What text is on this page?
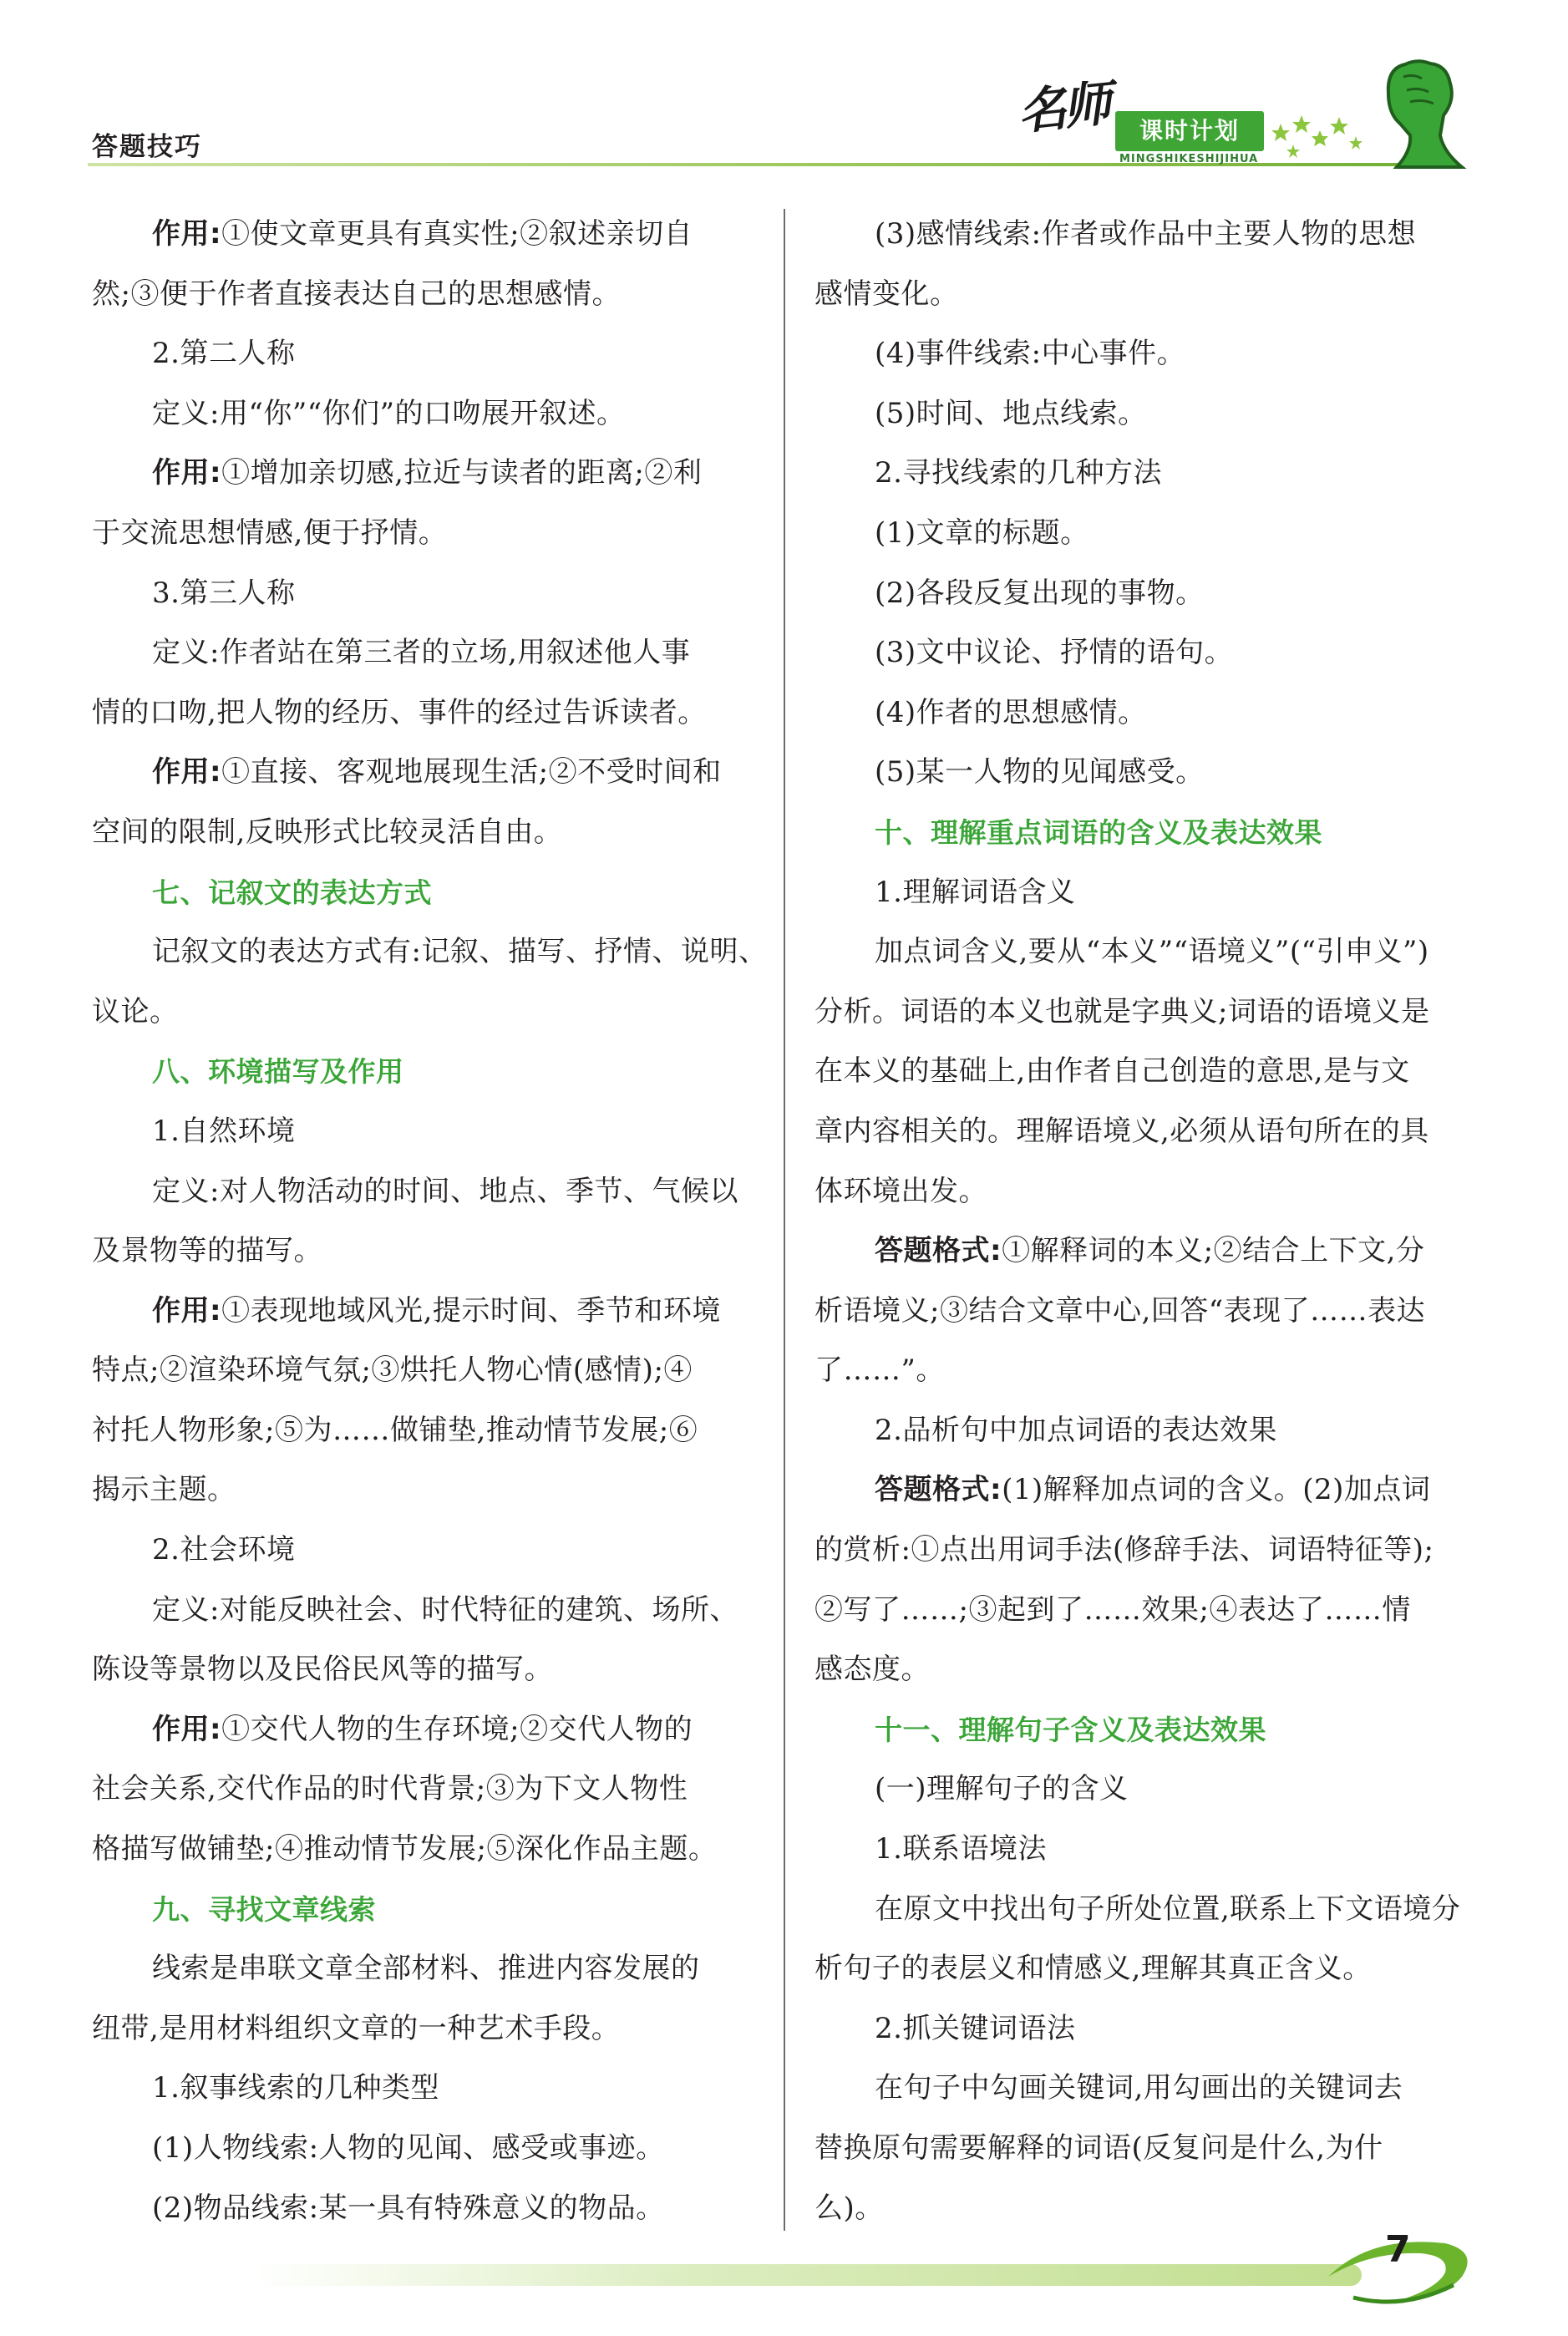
答题技巧
名师	课时计划
MINGSHIKESHIJIHUA
作用:①使文章更具有真实性;②叙述亲切自
然;③便于作者直接表达自己的思想感情。
2.第二人称
定义:用“你”“你们”的口吻展开叙述。
作用:①增加亲切感,拉近与读者的距离;②利
于交流思想情感,便于抒情。
3.第三人称
定义:作者站在第三者的立场,用叙述他人事
情的口吻,把人物的经历、事件的经过告诉读者。
作用:①直接、客观地展现生活;②不受时间和
空间的限制,反映形式比较灵活自由。
七、记叙文的表达方式
记叙文的表达方式有:记叙、描写、抒情、说明、
议论。
八、环境描写及作用
1.自然环境
定义:对人物活动的时间、地点、季节、气候以
及景物等的描写。
作用:①表现地域风光,提示时间、季节和环境
特点;②渲染环境气氛;③烘托人物心情(感情);④
衬托人物形象;⑤为……做铺垫,推动情节发展;⑥
揭示主题。
2.社会环境
定义:对能反映社会、时代特征的建筑、场所、
陈设等景物以及民俗民风等的描写。
作用:①交代人物的生存环境;②交代人物的
社会关系,交代作品的时代背景;③为下文人物性
格描写做铺垫;④推动情节发展;⑤深化作品主题。
九、寻找文章线索
线索是串联文章全部材料、推进内容发展的
纽带,是用材料组织文章的一种艺术手段。
1.叙事线索的几种类型
(1)人物线索:人物的见闻、感受或事迹。
(2)物品线索:某一具有特殊意义的物品。
(3)感情线索:作者或作品中主要人物的思想
感情变化。
(4)事件线索:中心事件。
(5)时间、地点线索。
2.寻找线索的几种方法
(1)文章的标题。
(2)各段反复出现的事物。
(3)文中议论、抒情的语句。
(4)作者的思想感情。
(5)某一人物的见闻感受。
十、理解重点词语的含义及表达效果
1.理解词语含义
加点词含义,要从“本义”“语境义”(“引申义”)
分析。词语的本义也就是字典义;词语的语境义是
在本义的基础上,由作者自己创造的意思,是与文
章内容相关的。理解语境义,必须从语句所在的具
体环境出发。
答题格式:①解释词的本义;②结合上下文,分
析语境义;③结合文章中心,回答“表现了……表达
了……”。
2.品析句中加点词语的表达效果
答题格式:(1)解释加点词的含义。(2)加点词
的赏析:①点出用词手法(修辞手法、词语特征等);
②写了……;③起到了……效果;④表达了……情
感态度。
十一、理解句子含义及表达效果
(一)理解句子的含义
1.联系语境法
在原文中找出句子所处位置,联系上下文语境分
析句子的表层义和情感义,理解其真正含义。
2.抓关键词语法
在句子中勾画关键词,用勾画出的关键词去
替换原句需要解释的词语(反复问是什么,为什
么)。
7
